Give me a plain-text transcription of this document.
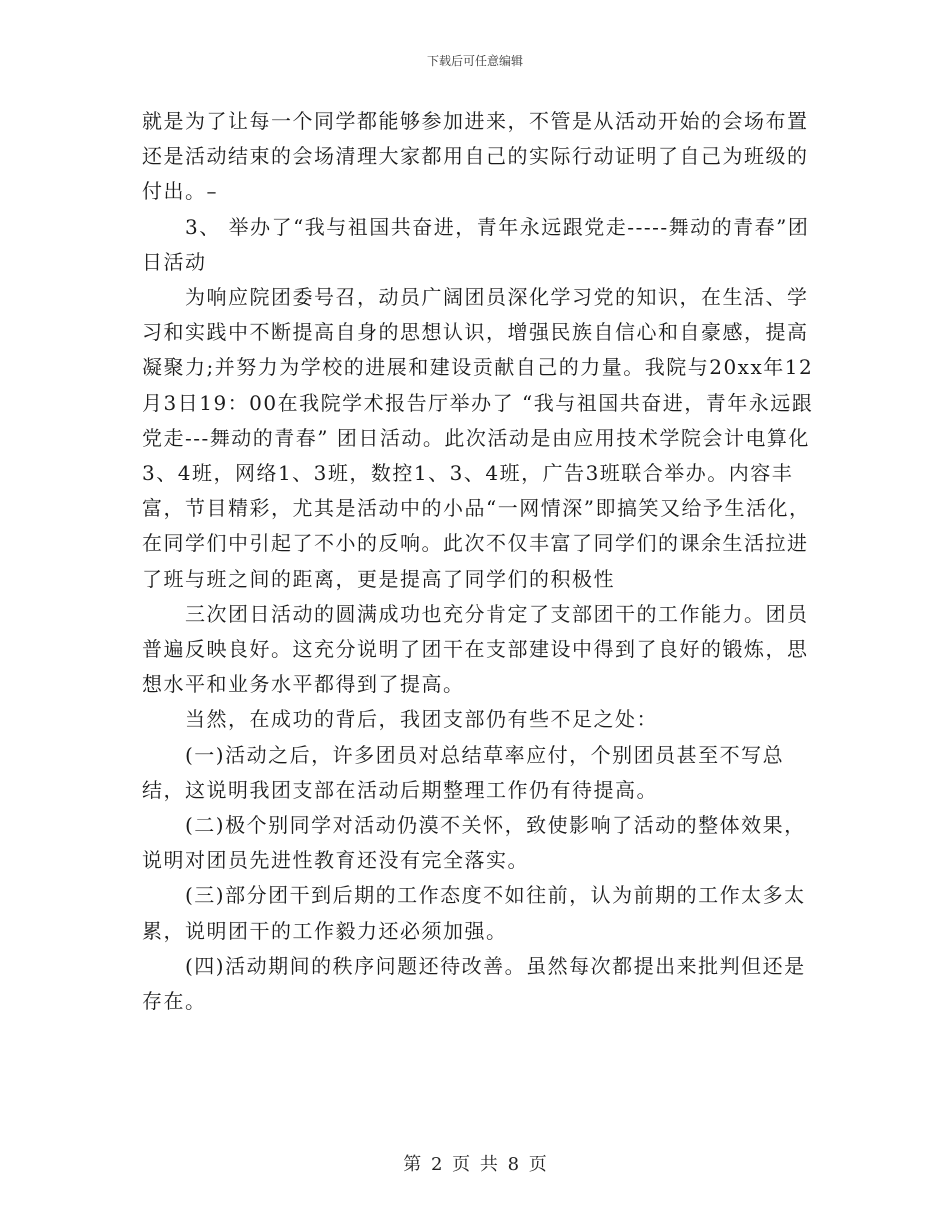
下载后可任意编辑

就是为了让每一个同学都能够参加进来，不管是从活动开始的会场布置还是活动结束的会场清理大家都用自己的实际行动证明了自己为班级的付出。–

3、 举办了“我与祖国共奋进，青年永远跟党走-----舞动的青春”团日活动

为响应院团委号召，动员广阔团员深化学习党的知识，在生活、学习和实践中不断提高自身的思想认识，增强民族自信心和自豪感，提高凝聚力;并努力为学校的进展和建设贡献自己的力量。我院与20xx年12月3日19：00在我院学术报告厅举办了 “我与祖国共奋进，青年永远跟党走---舞动的青春” 团日活动。此次活动是由应用技术学院会计电算化3、4班，网络1、3班，数控1、3、4班，广告3班联合举办。内容丰富，节目精彩，尤其是活动中的小品“一网情深”即搞笑又给予生活化，在同学们中引起了不小的反响。此次不仅丰富了同学们的课余生活拉进了班与班之间的距离，更是提高了同学们的积极性

三次团日活动的圆满成功也充分肯定了支部团干的工作能力。团员普遍反映良好。这充分说明了团干在支部建设中得到了良好的锻炼，思想水平和业务水平都得到了提高。

当然，在成功的背后，我团支部仍有些不足之处：

(一)活动之后，许多团员对总结草率应付，个别团员甚至不写总结，这说明我团支部在活动后期整理工作仍有待提高。

(二)极个别同学对活动仍漠不关怀，致使影响了活动的整体效果，说明对团员先进性教育还没有完全落实。

(三)部分团干到后期的工作态度不如往前，认为前期的工作太多太累，说明团干的工作毅力还必须加强。

(四)活动期间的秩序问题还待改善。虽然每次都提出来批判但还是存在。

第 2 页 共 8 页
